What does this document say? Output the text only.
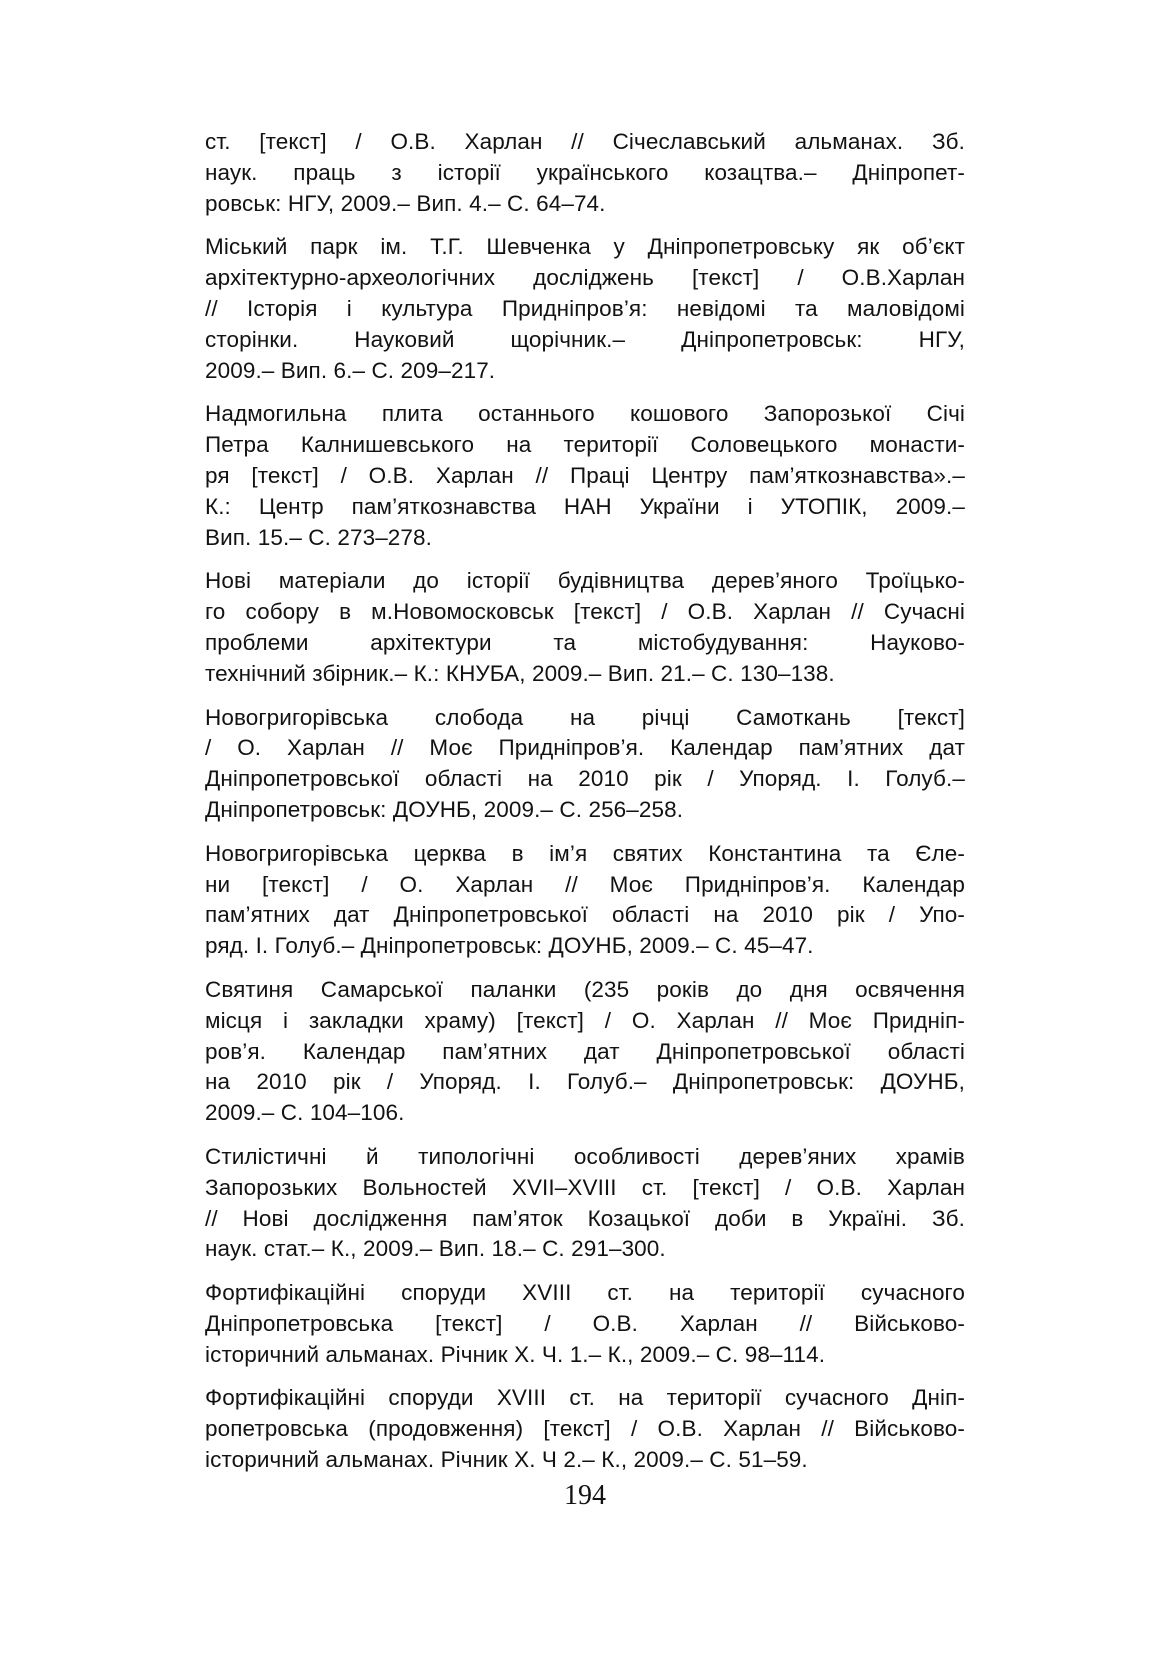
ст. [текст] / О.В. Харлан // Січеславський альманах. Зб.
наук. праць з історії українського козацтва.– Дніпропет-
ровськ: НГУ, 2009.– Вип. 4.– С. 64–74.

Міський парк ім. Т.Г. Шевченка у Дніпропетровську як об’єкт
архітектурно-археологічних досліджень [текст] / О.В.Харлан
// Історія і культура Придніпров’я: невідомі та маловідомі
сторінки. Науковий щорічник.– Дніпропетровськ: НГУ,
2009.– Вип. 6.– С. 209–217.

Надмогильна плита останнього кошового Запорозької Січі
Петра Калнишевського на території Соловецького монасти-
ря [текст] / О.В. Харлан // Праці Центру пам’яткознавства».–
К.: Центр пам’яткознавства НАН України і УТОПІК, 2009.–
Вип. 15.– С. 273–278.

Нові матеріали до історії будівництва дерев’яного Троїцько-
го собору в м.Новомосковськ [текст] / О.В. Харлан // Сучасні
проблеми архітектури та містобудування: Науково-
технічний збірник.– К.: КНУБА, 2009.– Вип. 21.– С. 130–138.

Новогригорівська слобода на річці Самоткань [текст]
/ О. Харлан // Моє Придніпров’я. Календар пам’ятних дат
Дніпропетровської області на 2010 рік / Упоряд. І. Голуб.–
Дніпропетровськ: ДОУНБ, 2009.– С. 256–258.

Новогригорівська церква в ім’я святих Константина та Єле-
ни [текст] / О. Харлан // Моє Придніпров’я. Календар
пам’ятних дат Дніпропетровської області на 2010 рік / Упо-
ряд. І. Голуб.– Дніпропетровськ: ДОУНБ, 2009.– С. 45–47.

Святиня Самарської паланки (235 років до дня освячення
місця і закладки храму) [текст] / О. Харлан // Моє Придніп-
ров’я. Календар пам’ятних дат Дніпропетровської області
на 2010 рік / Упоряд. І. Голуб.– Дніпропетровськ: ДОУНБ,
2009.– С. 104–106.

Стилістичні й типологічні особливості дерев’яних храмів
Запорозьких Вольностей XVII–XVIII ст. [текст] / О.В. Харлан
// Нові дослідження пам’яток Козацької доби в Україні. Зб.
наук. стат.– К., 2009.– Вип. 18.– С. 291–300.

Фортифікаційні споруди XVIII ст. на території сучасного
Дніпропетровська [текст] / О.В. Харлан // Військово-
історичний альманах. Річник X. Ч. 1.– К., 2009.– С. 98–114.

Фортифікаційні споруди XVIII ст. на території сучасного Дніп-
ропетровська (продовження) [текст] / О.В. Харлан // Військово-
історичний альманах. Річник Х. Ч 2.– К., 2009.– С. 51–59.

194
